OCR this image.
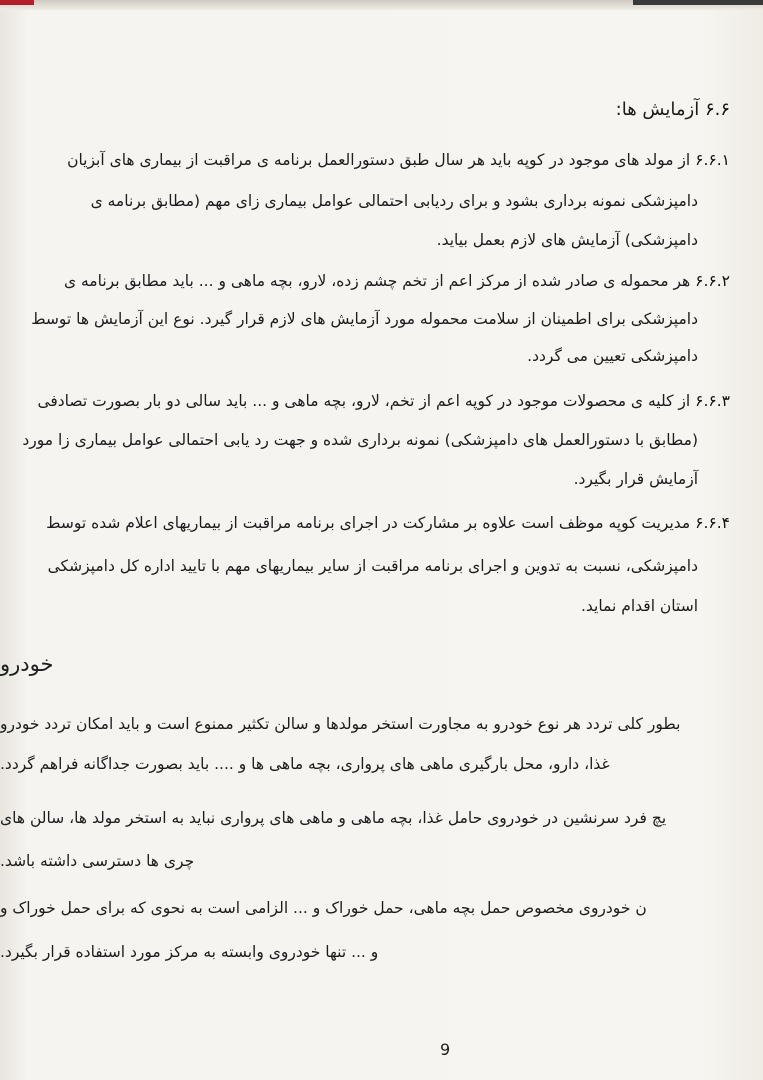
۶.۶ آزمایش ها:
۶.۶.۱ از مولد های موجود در کوپه باید هر سال طبق دستورالعمل برنامه ی مراقبت از بیماری های آبزیان
دامپزشکی نمونه برداری بشود و برای ردیابی احتمالی عوامل بیماری زای مهم (مطابق برنامه ی
دامپزشکی) آزمایش های لازم بعمل بیاید.
۶.۶.۲ هر محموله ی صادر شده از مرکز اعم از تخم چشم زده، لارو، بچه ماهی و ... باید مطابق برنامه ی
دامپزشکی برای اطمینان از سلامت محموله مورد آزمایش های لازم قرار گیرد. نوع این آزمایش ها توسط
دامپزشکی تعیین می گردد.
۶.۶.۳ از کلیه ی محصولات موجود در کوپه اعم از تخم، لارو، بچه ماهی و ... باید سالی دو بار بصورت تصادفی
(مطابق با دستورالعمل های دامپزشکی) نمونه برداری شده و جهت رد یابی احتمالی عوامل بیماری زا مورد
آزمایش قرار بگیرد.
۶.۶.۴ مدیریت کوپه موظف است علاوه بر مشارکت در اجرای برنامه مراقبت از بیماریهای اعلام شده توسط
دامپزشکی، نسبت به تدوین و اجرای برنامه مراقبت از سایر بیماریهای مهم با تایید اداره کل دامپزشکی
استان اقدام نماید.
خودرو
بطور کلی تردد هر نوع خودرو به مجاورت استخر مولدها و سالن تکثیر ممنوع است و باید امکان تردد خودرو
غذا، دارو، محل بارگیری ماهی های پرواری، بچه ماهی ها و .... باید بصورت جداگانه فراهم گردد.
یچ فرد سرنشین در خودروی حامل غذا، بچه ماهی و ماهی های پرواری نباید به استخر مولد ها، سالن های
چری ها دسترسی داشته باشد.
ن خودروی مخصوص حمل بچه ماهی، حمل خوراک و ... الزامی است به نحوی که برای حمل خوراک و
و ... تنها خودروی وابسته به مرکز مورد استفاده قرار بگیرد.
9
